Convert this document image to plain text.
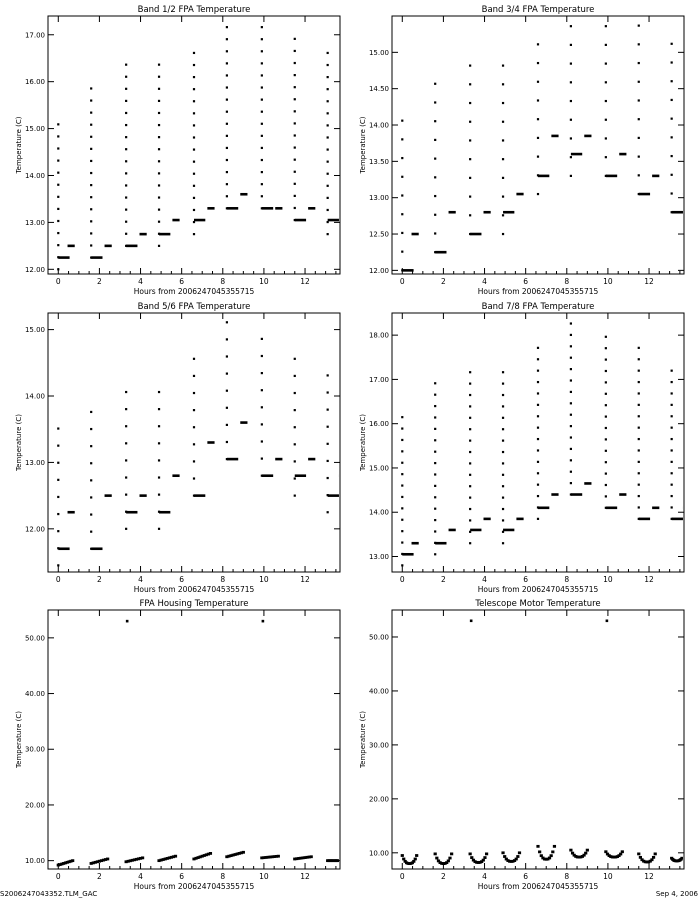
Band 1/2 FPA Temperature
0	2	4	6	8	10	12
12.00
13.00
14.00
15.00
16.00
17.00
Hours from 2006247045355715
Temperature (C)
Band 3/4 FPA Temperature
0	2	4	6	8	10	12
12.00
12.50
13.00
13.50
14.00
14.50
15.00
Hours from 2006247045355715
Temperature (C)
Band 5/6 FPA Temperature
0	2	4	6	8	10	12
12.00
13.00
14.00
15.00
Hours from 2006247045355715
Temperature (C)
Band 7/8 FPA Temperature
0	2	4	6	8	10	12
13.00
14.00
15.00
16.00
17.00
18.00
Hours from 2006247045355715
Temperature (C)
FPA Housing Temperature
0	2	4	6	8	10	12
10.00
20.00
30.00
40.00
50.00
Hours from 2006247045355715
Temperature (C)
Telescope Motor Temperature
0	2	4	6	8	10	12
10.00
20.00
30.00
40.00
50.00
Hours from 2006247045355715
Temperature (C)
S2006247043352.TLM_GAC	Sep 4, 2006
